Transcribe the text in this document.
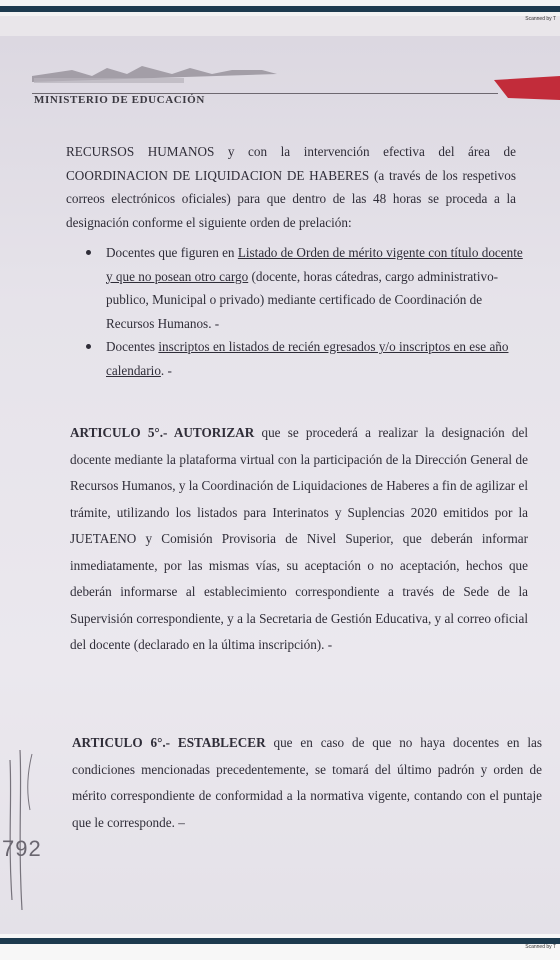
Scanned by T
MINISTERIO DE EDUCACIÓN
RECURSOS HUMANOS y con la intervención efectiva del área de COORDINACION DE LIQUIDACION DE HABERES (a través de los respetivos correos electrónicos oficiales) para que dentro de las 48 horas se proceda a la designación conforme el siguiente orden de prelación:
Docentes que figuren en Listado de Orden de mérito vigente con título docente y que no posean otro cargo (docente, horas cátedras, cargo administrativo- publico, Municipal o privado) mediante certificado de Coordinación de Recursos Humanos. -
Docentes inscriptos en listados de recién egresados y/o inscriptos en ese año calendario. -
ARTICULO 5°.- AUTORIZAR que se procederá a realizar la designación del docente mediante la plataforma virtual con la participación de la Dirección General de Recursos Humanos, y la Coordinación de Liquidaciones de Haberes a fin de agilizar el trámite, utilizando los listados para Interinatos y Suplencias 2020 emitidos por la JUETAENO y Comisión Provisoria de Nivel Superior, que deberán informar inmediatamente, por las mismas vías, su aceptación o no aceptación, hechos que deberán informarse al establecimiento correspondiente a través de Sede de la Supervisión correspondiente, y a la Secretaria de Gestión Educativa, y al correo oficial del docente (declarado en la última inscripción). -
ARTICULO 6°.- ESTABLECER que en caso de que no haya docentes en las condiciones mencionadas precedentemente, se tomará del último padrón y orden de mérito correspondiente de conformidad a la normativa vigente, contando con el puntaje que le corresponde. –
792
Scanned by T
